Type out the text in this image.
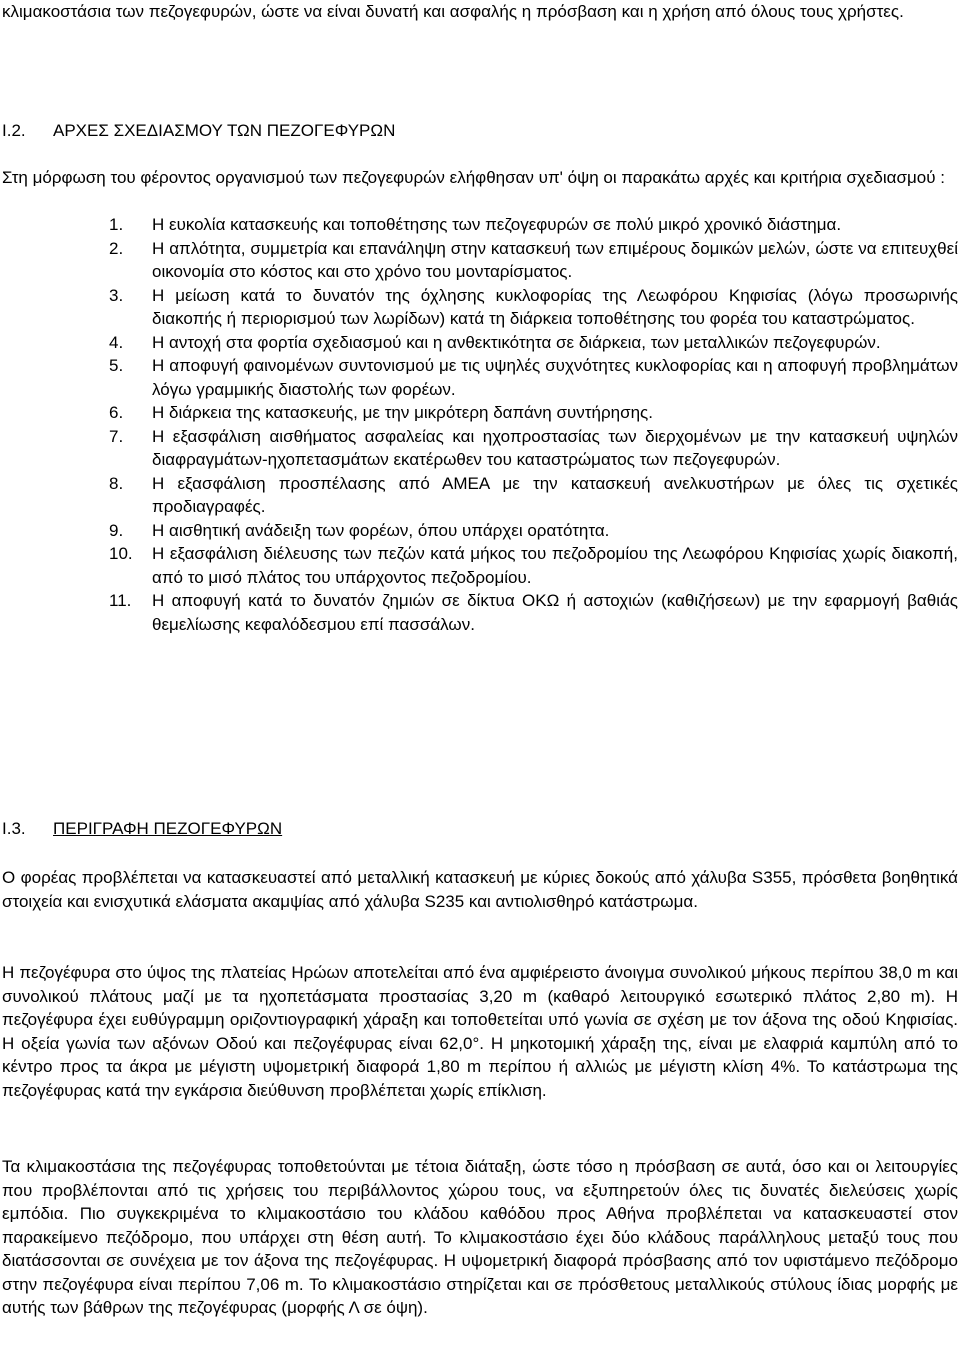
κλιμακοστάσια των πεζογεφυρών, ώστε να είναι δυνατή και ασφαλής η πρόσβαση και η χρήση από όλους τους χρήστες.

I.2.	ΑΡΧΕΣ ΣΧΕΔΙΑΣΜΟΥ ΤΩΝ ΠΕΖΟΓΕΦΥΡΩΝ

Στη μόρφωση του φέροντος οργανισμού των πεζογεφυρών ελήφθησαν υπ' όψη οι παρακάτω αρχές και κριτήρια σχεδιασμού :

1.	Η ευκολία κατασκευής και τοποθέτησης των πεζογεφυρών σε πολύ μικρό χρονικό διάστημα.
2.	Η απλότητα, συμμετρία και επανάληψη στην κατασκευή των επιμέρους δομικών μελών, ώστε να επιτευχθεί οικονομία στο κόστος και στο χρόνο του μονταρίσματος.
3.	Η μείωση κατά το δυνατόν της όχλησης κυκλοφορίας της Λεωφόρου Κηφισίας (λόγω προσωρινής διακοπής ή περιορισμού των λωρίδων) κατά τη διάρκεια τοποθέτησης του φορέα του καταστρώματος.
4.	Η αντοχή στα φορτία σχεδιασμού και η ανθεκτικότητα σε διάρκεια, των μεταλλικών πεζογεφυρών.
5.	Η αποφυγή φαινομένων συντονισμού με τις υψηλές συχνότητες κυκλοφορίας και η αποφυγή προβλημάτων λόγω γραμμικής διαστολής των φορέων.
6.	Η διάρκεια της κατασκευής, με την μικρότερη δαπάνη συντήρησης.
7.	Η εξασφάλιση αισθήματος ασφαλείας και ηχοπροστασίας των διερχομένων με την κατασκευή υψηλών διαφραγμάτων-ηχοπετασμάτων εκατέρωθεν του καταστρώματος των πεζογεφυρών.
8.	Η εξασφάλιση προσπέλασης από ΑΜΕΑ με την κατασκευή ανελκυστήρων με όλες τις σχετικές προδιαγραφές.
9.	Η αισθητική ανάδειξη των φορέων, όπου υπάρχει ορατότητα.
10.	Η εξασφάλιση διέλευσης των πεζών κατά μήκος του πεζοδρομίου της Λεωφόρου Κηφισίας χωρίς διακοπή, από το μισό πλάτος του υπάρχοντος πεζοδρομίου.
11.	Η αποφυγή κατά το δυνατόν ζημιών σε δίκτυα ΟΚΩ ή αστοχιών (καθιζήσεων) με την εφαρμογή βαθιάς θεμελίωσης κεφαλόδεσμου επί πασσάλων.
I.3.	ΠΕΡΙΓΡΑΦΗ ΠΕΖΟΓΕΦΥΡΩΝ

Ο φορέας προβλέπεται να κατασκευαστεί από μεταλλική κατασκευή με κύριες δοκούς από χάλυβα S355, πρόσθετα βοηθητικά στοιχεία και ενισχυτικά ελάσματα ακαμψίας από χάλυβα S235 και αντιολισθηρό κατάστρωμα.

Η πεζογέφυρα στο ύψος της πλατείας Ηρώων αποτελείται από ένα αμφιέρειστο άνοιγμα συνολικού μήκους περίπου 38,0 m και συνολικού πλάτους μαζί με τα ηχοπετάσματα προστασίας 3,20 m (καθαρό λειτουργικό εσωτερικό πλάτος 2,80 m). Η πεζογέφυρα έχει ευθύγραμμη οριζοντιογραφική χάραξη και τοποθετείται υπό γωνία σε σχέση με τον άξονα της οδού Κηφισίας. Η οξεία γωνία των αξόνων Οδού και πεζογέφυρας είναι 62,0°. Η μηκοτομική χάραξη της, είναι με ελαφριά καμπύλη από το κέντρο προς τα άκρα με μέγιστη υψομετρική διαφορά 1,80 m περίπου ή αλλιώς με μέγιστη κλίση 4%. Το κατάστρωμα της πεζογέφυρας κατά την εγκάρσια διεύθυνση προβλέπεται χωρίς επίκλιση.

Τα κλιμακοστάσια της πεζογέφυρας τοποθετούνται με τέτοια διάταξη, ώστε τόσο η πρόσβαση σε αυτά, όσο και οι λειτουργίες που προβλέπονται από τις χρήσεις του περιβάλλοντος χώρου τους, να εξυπηρετούν όλες τις δυνατές διελεύσεις χωρίς εμπόδια. Πιο συγκεκριμένα το κλιμακοστάσιο του κλάδου καθόδου προς Αθήνα προβλέπεται να κατασκευαστεί στον παρακείμενο πεζόδρομο, που υπάρχει στη θέση αυτή. Το κλιμακοστάσιο έχει δύο κλάδους παράλληλους μεταξύ τους που διατάσσονται σε συνέχεια με τον άξονα της πεζογέφυρας. Η υψομετρική διαφορά πρόσβασης από τον υφιστάμενο πεζόδρομο στην πεζογέφυρα είναι περίπου 7,06 m. Το κλιμακοστάσιο στηρίζεται και σε πρόσθετους μεταλλικούς στύλους ίδιας μορφής με αυτής των βάθρων της πεζογέφυρας (μορφής Λ σε όψη).
